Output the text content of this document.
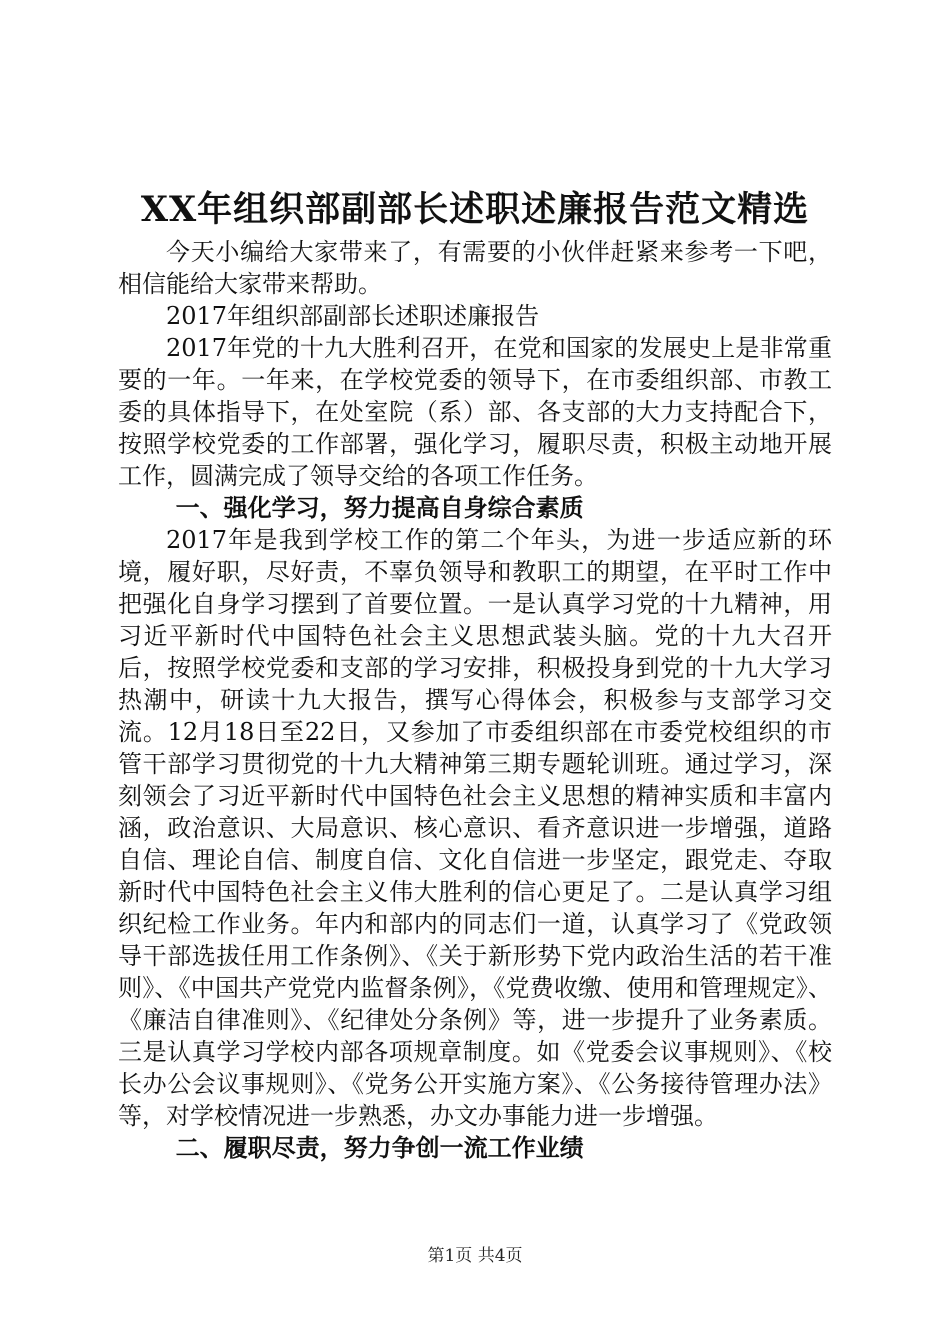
XX年组织部副部长述职述廉报告范文精选

今天小编给大家带来了，有需要的小伙伴赶紧来参考一下吧，相信能给大家带来帮助。

2017年组织部副部长述职述廉报告

2017年党的十九大胜利召开，在党和国家的发展史上是非常重要的一年。一年来，在学校党委的领导下，在市委组织部、市教工委的具体指导下，在处室院（系）部、各支部的大力支持配合下，按照学校党委的工作部署，强化学习，履职尽责，积极主动地开展工作，圆满完成了领导交给的各项工作任务。

一、强化学习，努力提高自身综合素质

2017年是我到学校工作的第二个年头，为进一步适应新的环境，履好职，尽好责，不辜负领导和教职工的期望，在平时工作中把强化自身学习摆到了首要位置。一是认真学习党的十九精神，用习近平新时代中国特色社会主义思想武装头脑。党的十九大召开后，按照学校党委和支部的学习安排，积极投身到党的十九大学习热潮中，研读十九大报告，撰写心得体会，积极参与支部学习交流。12月18日至22日，又参加了市委组织部在市委党校组织的市管干部学习贯彻党的十九大精神第三期专题轮训班。通过学习，深刻领会了习近平新时代中国特色社会主义思想的精神实质和丰富内涵，政治意识、大局意识、核心意识、看齐意识进一步增强，道路自信、理论自信、制度自信、文化自信进一步坚定，跟党走、夺取新时代中国特色社会主义伟大胜利的信心更足了。二是认真学习组织纪检工作业务。年内和部内的同志们一道，认真学习了《党政领导干部选拔任用工作条例》、《关于新形势下党内政治生活的若干准则》、《中国共产党党内监督条例》，《党费收缴、使用和管理规定》、《廉洁自律准则》、《纪律处分条例》等，进一步提升了业务素质。三是认真学习学校内部各项规章制度。如《党委会议事规则》、《校长办公会议事规则》、《党务公开实施方案》、《公务接待管理办法》等，对学校情况进一步熟悉，办文办事能力进一步增强。

二、履职尽责，努力争创一流工作业绩

第1页 共4页
